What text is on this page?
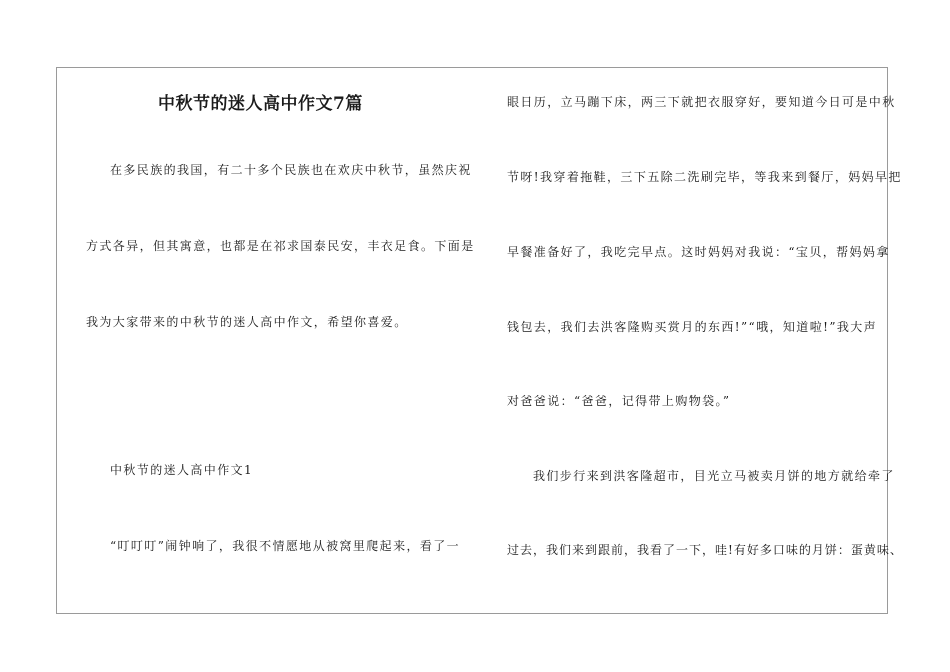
中秋节的迷人高中作文7篇
在多民族的我国，有二十多个民族也在欢庆中秋节，虽然庆祝
方式各异，但其寓意，也都是在祁求国泰民安，丰衣足食。下面是
我为大家带来的中秋节的迷人高中作文，希望你喜爱。
中秋节的迷人高中作文1
“叮叮叮”闹钟响了，我很不情愿地从被窝里爬起来，看了一
眼日历，立马蹦下床，两三下就把衣服穿好，要知道今日可是中秋
节呀!我穿着拖鞋，三下五除二洗刷完毕，等我来到餐厅，妈妈早把
早餐准备好了，我吃完早点。这时妈妈对我说：“宝贝，帮妈妈拿
钱包去，我们去洪客隆购买赏月的东西!”“哦，知道啦!”我大声
对爸爸说：“爸爸，记得带上购物袋。”
我们步行来到洪客隆超市，目光立马被卖月饼的地方就给牵了
过去，我们来到跟前，我看了一下，哇!有好多口味的月饼：蛋黄味、
